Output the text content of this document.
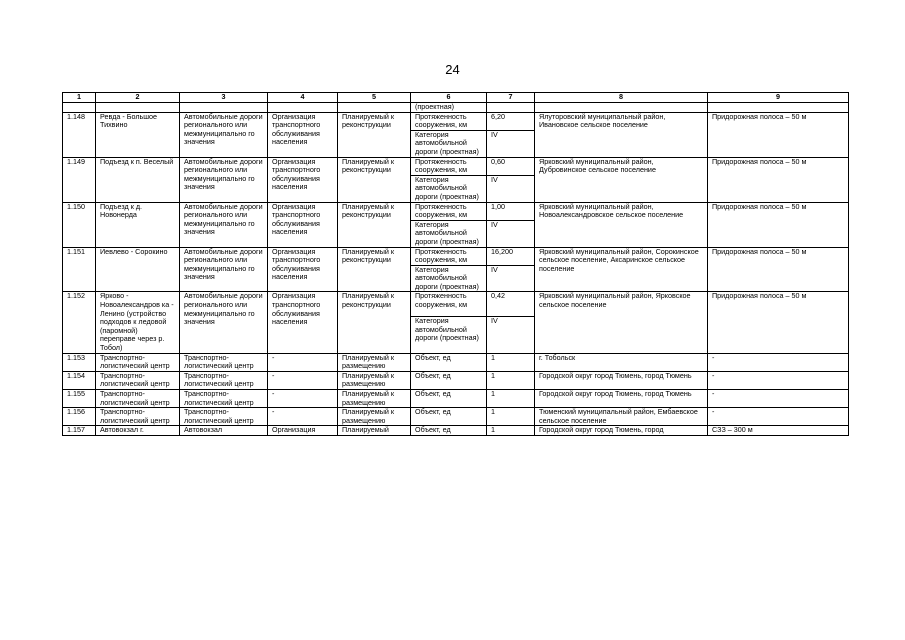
24
1	2	3	4	5	6	7	8	9
					(проектная)			
1.148	Ревда - Большое Тихвино	Автомобильные дороги регионального или межмуниципально го значения	Организация транспортного обслуживания населения	Планируемый к реконструкции	Протяженность сооружения, км	6,20	Ялуторовский муниципальный район, Ивановское сельское поселение	Придорожная полоса – 50 м
					Категория автомобильной дороги (проектная)	IV		
1.149	Подъезд к п. Веселый	Автомобильные дороги регионального или межмуниципально го значения	Организация транспортного обслуживания населения	Планируемый к реконструкции	Протяженность сооружения, км	0,60	Ярковский муниципальный район, Дубровинское сельское поселение	Придорожная полоса – 50 м
					Категория автомобильной дороги (проектная)	IV		
1.150	Подъезд к д. Новонерда	Автомобильные дороги регионального или межмуниципально го значения	Организация транспортного обслуживания населения	Планируемый к реконструкции	Протяженность сооружения, км	1,00	Ярковский муниципальный район, Новоалександровское сельское поселение	Придорожная полоса – 50 м
					Категория автомобильной дороги (проектная)	IV		
1.151	Иевлево - Сорокино	Автомобильные дороги регионального или межмуниципально го значения	Организация транспортного обслуживания населения	Планируемый к реконструкции	Протяженность сооружения, км	16,200	Ярковский муниципальный район, Сорокинское сельское поселение, Аксаринское сельское поселение	Придорожная полоса – 50 м
					Категория автомобильной дороги (проектная)	IV		
1.152	Ярково - Новоалександров ка - Ленино (устройство подходов к ледовой (паромной) переправе через р. Тобол)	Автомобильные дороги регионального или межмуниципально го значения	Организация транспортного обслуживания населения	Планируемый к реконструкции	Протяженность сооружения, км	0,42	Ярковский муниципальный район, Ярковское сельское поселение	Придорожная полоса – 50 м
					Категория автомобильной дороги (проектная)	IV		
1.153	Транспортно-логистический центр	Транспортно-логистический центр	-	Планируемый к размещению	Объект, ед	1	г. Тобольск	-
1.154	Транспортно-логистический центр	Транспортно-логистический центр	-	Планируемый к размещению	Объект, ед	1	Городской округ город Тюмень, город Тюмень	-
1.155	Транспортно-логистический центр	Транспортно-логистический центр	-	Планируемый к размещению	Объект, ед	1	Городской округ город Тюмень, город Тюмень	-
1.156	Транспортно-логистический центр	Транспортно-логистический центр	-	Планируемый к размещению	Объект, ед	1	Тюменский муниципальный район, Ембаевское сельское поселение	-
1.157	Автовокзал г.	Автовокзал	Организация	Планируемый	Объект, ед	1	Городской округ город Тюмень, город	СЗЗ – 300 м
